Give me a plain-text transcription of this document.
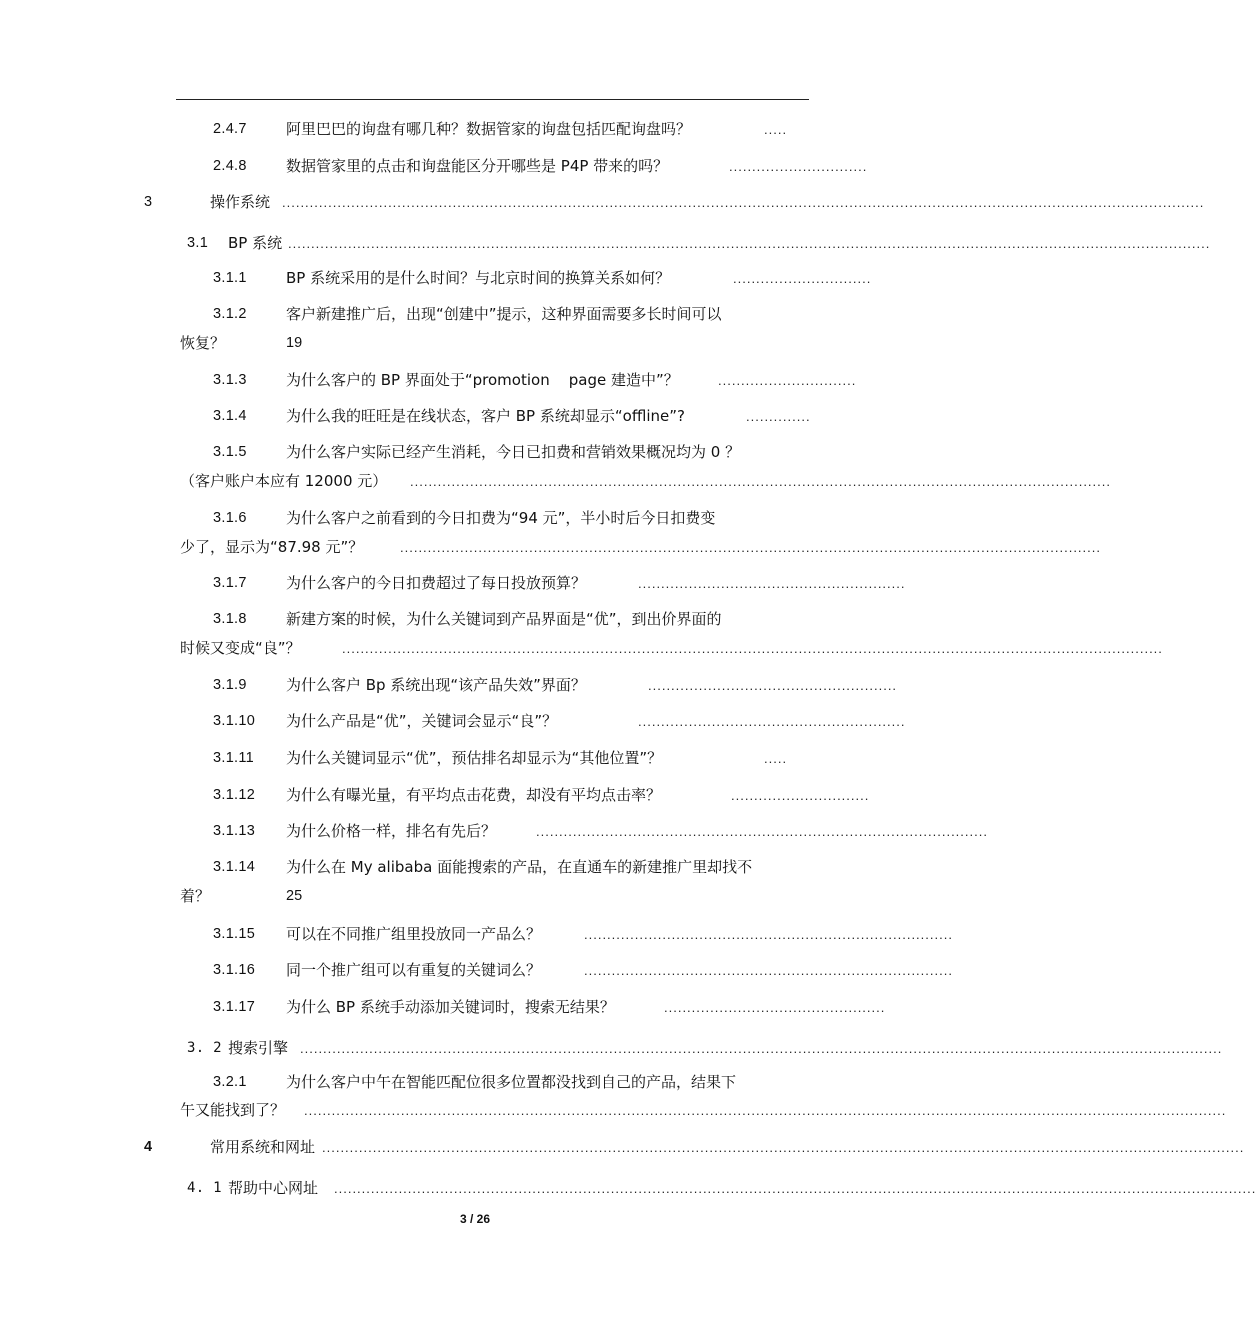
2.4.7	阿里巴巴的询盘有哪几种？数据管家的询盘包括匹配询盘吗？	.....
2.4.8	数据管家里的点击和询盘能区分开哪些是 P4P 带来的吗？	..............................
3	操作系统 ........................................................................................................................................................................................................
3.1 BP 系统 ........................................................................................................................................................................................................
3.1.1	BP 系统采用的是什么时间？与北京时间的换算关系如何？	..............................
3.1.2	客户新建推广后，出现“创建中”提示，这种界面需要多长时间可以
恢复？	19
3.1.3	为什么客户的 BP 界面处于“promotion    page 建造中”？	..............................
3.1.4	为什么我的旺旺是在线状态，客户 BP 系统却显示“offline”?	..............
3.1.5	为什么客户实际已经产生消耗，今日已扣费和营销效果概况均为 0 ？
（客户账户本应有 12000 元） ........................................................................................................................................................
3.1.6	为什么客户之前看到的今日扣费为“94 元”，半小时后今日扣费变
少了，显示为“87.98 元”？	........................................................................................................................................................
3.1.7	为什么客户的今日扣费超过了每日投放预算？	..........................................................
3.1.8	新建方案的时候，为什么关键词到产品界面是“优”，到出价界面的
时候又变成“良”？	..................................................................................................................................................................................
3.1.9	为什么客户 Bp 系统出现“该产品失效”界面？	......................................................
3.1.10 为什么产品是“优”，关键词会显示“良”？	..........................................................
3.1.11 为什么关键词显示“优”，预估排名却显示为“其他位置”？	.....
3.1.12 为什么有曝光量，有平均点击花费，却没有平均点击率？	..............................
3.1.13 为什么价格一样，排名有先后？	..................................................................................................
3.1.14 为什么在 My alibaba 面能搜索的产品，在直通车的新建推广里却找不
着？	25
3.1.15 可以在不同推广组里投放同一产品么？	................................................................................
3.1.16 同一个推广组可以有重复的关键词么？	................................................................................
3.1.17 为什么 BP 系统手动添加关键词时，搜索无结果？	................................................
3. 2 搜索引擎 ........................................................................................................................................................................................................
3.2.1	为什么客户中午在智能匹配位很多位置都没找到自己的产品，结果下
午又能找到了？ ........................................................................................................................................................................................................
4	常用系统和网址 ........................................................................................................................................................................................................
4. 1 帮助中心网址 ........................................................................................................................................................................................................
3 / 26
